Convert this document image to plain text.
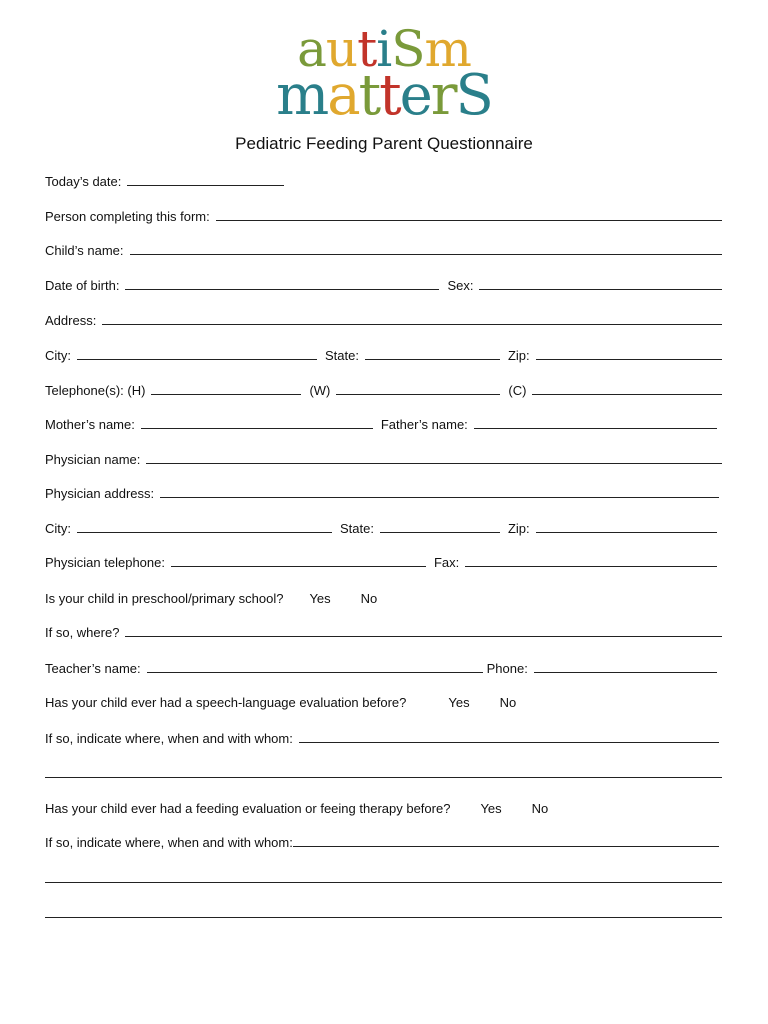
autiSm
matterS
Pediatric Feeding Parent Questionnaire
Today’s date:
Person completing this form:
Child’s name:
Date of birth:	Sex:
Address:
City:	State:	Zip:
Telephone(s): (H)	(W)	(C)
Mother’s name:	Father’s name:
Physician name:
Physician address:
City:	State:	Zip:
Physician telephone:	Fax:
Is your child in preschool/primary school?	Yes No
If so, where?
Teacher’s name:	Phone:
Has your child ever had a speech-language evaluation before?	Yes No
If so, indicate where, when and with whom:
Has your child ever had a feeding evaluation or feeing therapy before?	Yes No
If so, indicate where, when and with whom:
